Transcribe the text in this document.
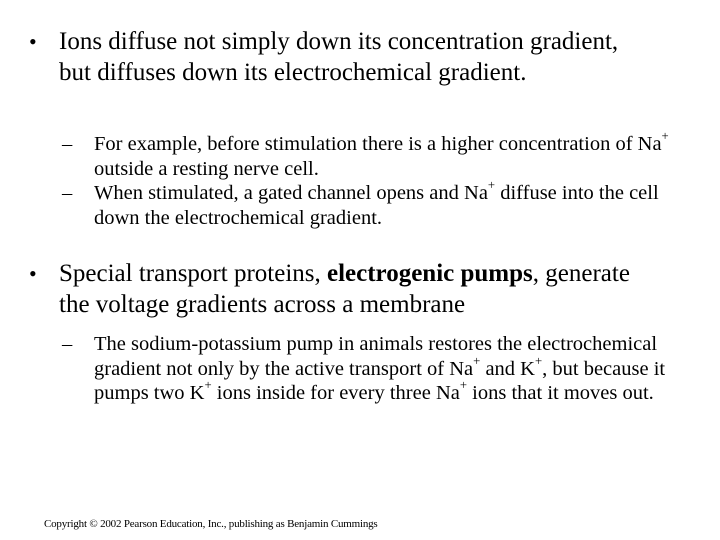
• Ions diffuse not simply down its concentration gradient, but diffuses down its electrochemical gradient.
– For example, before stimulation there is a higher concentration of Na+ outside a resting nerve cell.
– When stimulated, a gated channel opens and Na+ diffuse into the cell down the electrochemical gradient.
• Special transport proteins, electrogenic pumps, generate the voltage gradients across a membrane
– The sodium-potassium pump in animals restores the electrochemical gradient not only by the active transport of Na+ and K+, but because it pumps two K+ ions inside for every three Na+ ions that it moves out.
Copyright © 2002 Pearson Education, Inc., publishing as Benjamin Cummings
